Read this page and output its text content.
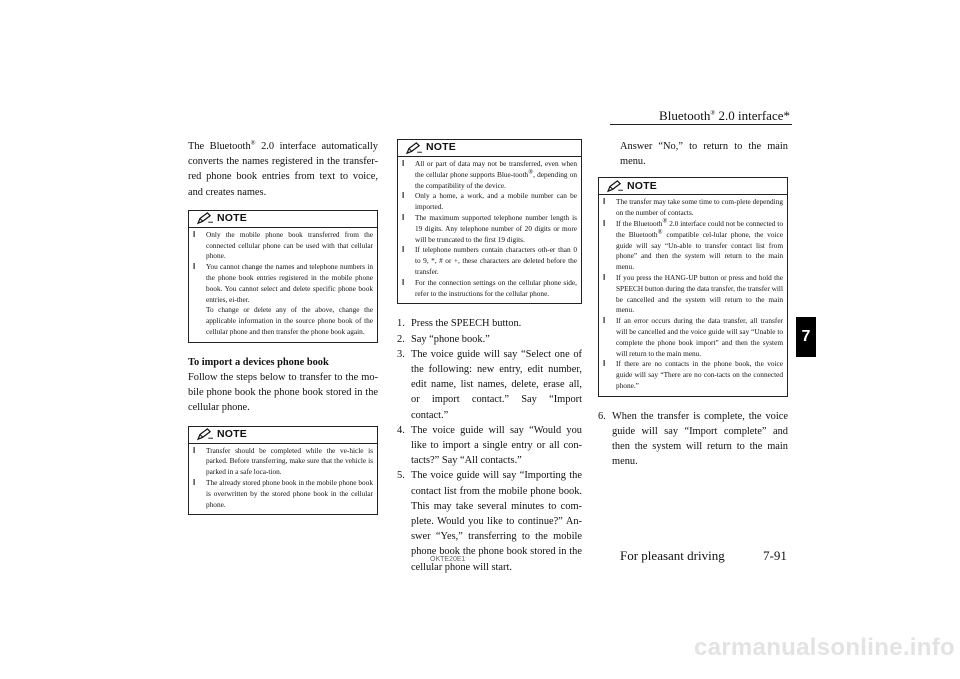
Bluetooth® 2.0 interface*
7

The Bluetooth® 2.0 interface automatically converts the names registered in the transfer-red phone book entries from text to voice, and creates names.

NOTE
l Only the mobile phone book transferred from the connected cellular phone can be used with that cellular phone.
l You cannot change the names and telephone numbers in the phone book entries registered in the mobile phone book. You cannot select and delete specific phone book entries, ei-ther.
To change or delete any of the above, change the applicable information in the source phone book of the cellular phone and then transfer the phone book again.

To import a devices phone book

Follow the steps below to transfer to the mo-bile phone book the phone book stored in the cellular phone.

NOTE
l Transfer should be completed while the ve-hicle is parked. Before transferring, make sure that the vehicle is parked in a safe loca-tion.
l The already stored phone book in the mobile phone book is overwritten by the stored phone book in the cellular phone.
NOTE
l All or part of data may not be transferred, even when the cellular phone supports Blue-tooth®, depending on the compatibility of the device.
l Only a home, a work, and a mobile number can be imported.
l The maximum supported telephone number length is 19 digits. Any telephone number of 20 digits or more will be truncated to the first 19 digits.
l If telephone numbers contain characters oth-er than 0 to 9, *, # or +, these characters are deleted before the transfer.
l For the connection settings on the cellular phone side, refer to the instructions for the cellular phone.
1. Press the SPEECH button.
2. Say “phone book.”
3. The voice guide will say “Select one of the following: new entry, edit number, edit name, list names, delete, erase all, or import contact.” Say “Import contact.”
4. The voice guide will say “Would you like to import a single entry or all con-tacts?” Say “All contacts.”
5. The voice guide will say “Importing the contact list from the mobile phone book. This may take several minutes to com-plete. Would you like to continue?” An-swer “Yes,” transferring to the mobile phone book the phone book stored in the cellular phone will start.

Answer “No,” to return to the main menu.

NOTE
l The transfer may take some time to com-plete depending on the number of contacts.
l If the Bluetooth® 2.0 interface could not be connected to the Bluetooth® compatible cel-lular phone, the voice guide will say “Un-able to transfer contact list from phone” and then the system will return to the main menu.
l If you press the HANG-UP button or press and hold the SPEECH button during the data transfer, the transfer will be cancelled and the system will return to the main menu.
l If an error occurs during the data transfer, all transfer will be cancelled and the voice guide will say “Unable to complete the phone book import” and then the system will return to the main menu.
l If there are no contacts in the phone book, the voice guide will say “There are no con-tacts on the connected phone.”
6. When the transfer is complete, the voice guide will say “Import complete” and then the system will return to the main menu.
OKTE20E1	For pleasant driving	7-91
carmanualsonline.info
